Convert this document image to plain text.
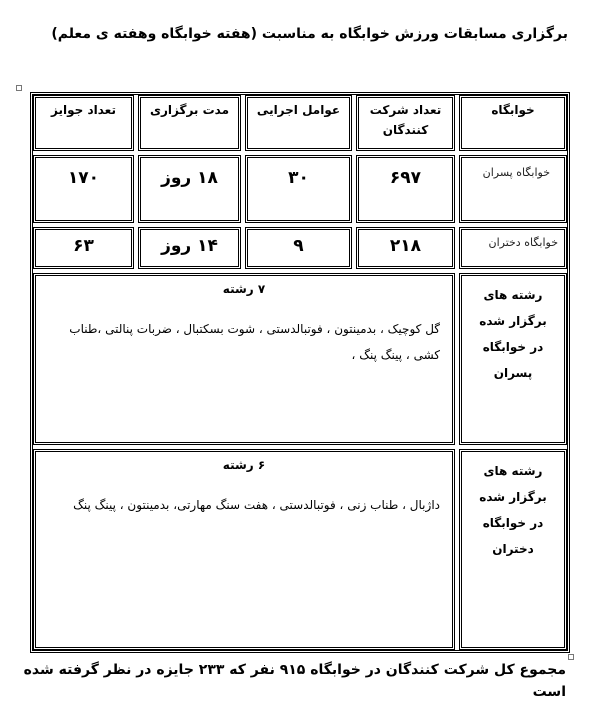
برگزاری مسابقات ورزش خوابگاه به مناسبت (هفته خوابگاه وهفته ی معلم)
خوابگاه
تعداد شرکت کنندگان
عوامل اجرایی
مدت برگزاری
تعداد جوایز
خوابگاه پسران
۶۹۷
۳۰
۱۸ روز
۱۷۰
خوابگاه دختران
۲۱۸
۹
۱۴ روز
۶۳
رشته های برگزار شده در خوابگاه پسران
۷ رشته
گل کوچیک ، بدمینتون ، فوتبالدستی ، شوت بسکتبال ، ضربات پنالتی ،طناب کشی ، پینگ پنگ ،
رشته های برگزار شده در خوابگاه دختران
۶ رشته
داژبال ، طناب زنی ، فوتبالدستی ، هفت سنگ مهارتی، بدمینتون ، پینگ پنگ
مجموع کل شرکت کنندگان در خوابگاه ۹۱۵ نفر که ۲۳۳ جایزه در نظر گرفته شده است
